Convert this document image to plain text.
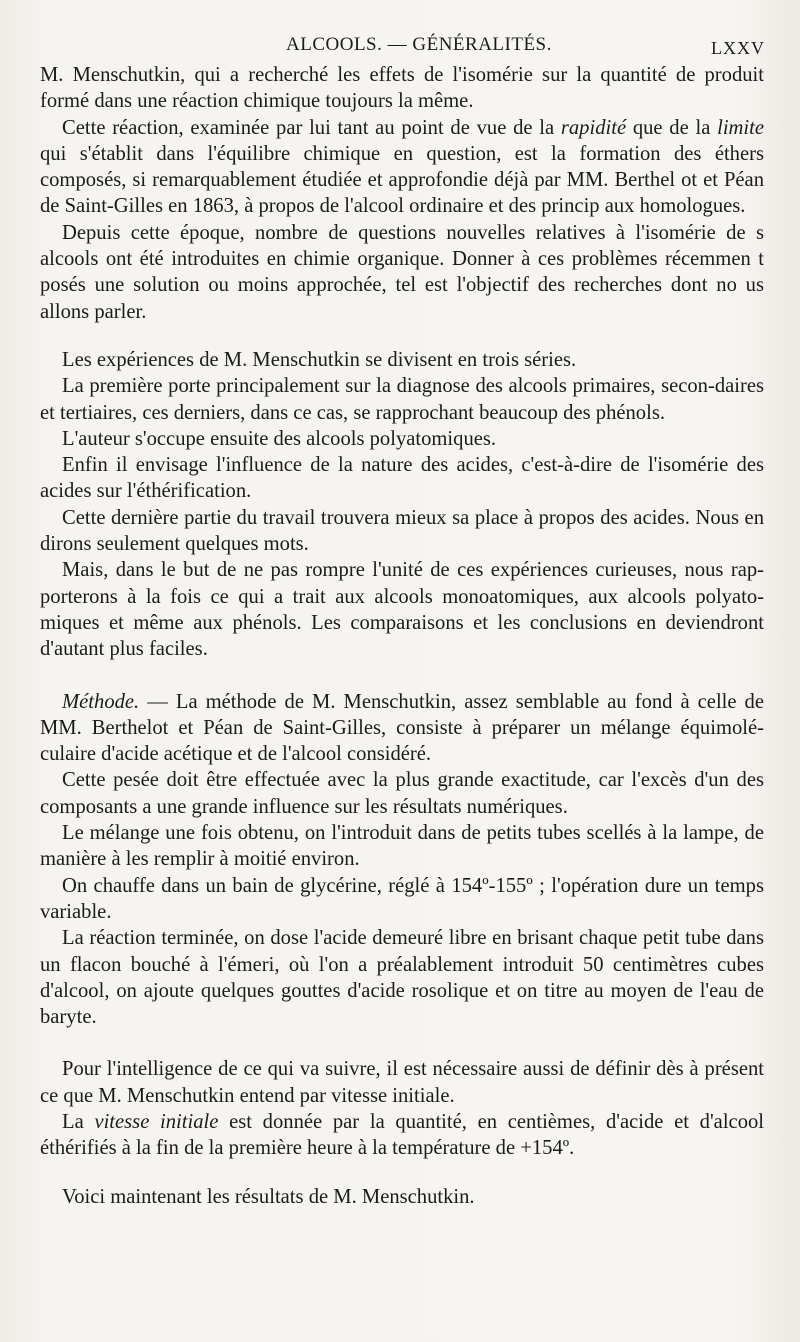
ALCOOLS. — GÉNÉRALITÉS.	LXXV

M. Menschutkin, qui a recherché les effets de l'isomérie sur la quantité de produit formé dans une réaction chimique toujours la même.

Cette réaction, examinée par lui tant au point de vue de la rapidité que de la limite qui s'établit dans l'équilibre chimique en question, est la formation des éthers composés, si remarquablement étudiée et approfondie déjà par MM. Berthel ot et Péan de Saint-Gilles en 1863, à propos de l'alcool ordinaire et des princip aux homologues.

Depuis cette époque, nombre de questions nouvelles relatives à l'isomérie de s alcools ont été introduites en chimie organique. Donner à ces problèmes récemmen t posés une solution ou moins approchée, tel est l'objectif des recherches dont no us allons parler.

Les expériences de M. Menschutkin se divisent en trois séries.

La première porte principalement sur la diagnose des alcools primaires, secon-daires et tertiaires, ces derniers, dans ce cas, se rapprochant beaucoup des phénols.

L'auteur s'occupe ensuite des alcools polyatomiques.

Enfin il envisage l'influence de la nature des acides, c'est-à-dire de l'isomérie des acides sur l'éthérification.

Cette dernière partie du travail trouvera mieux sa place à propos des acides. Nous en dirons seulement quelques mots.

Mais, dans le but de ne pas rompre l'unité de ces expériences curieuses, nous rap-porterons à la fois ce qui a trait aux alcools monoatomiques, aux alcools polyato-miques et même aux phénols. Les comparaisons et les conclusions en deviendront d'autant plus faciles.

Méthode. — La méthode de M. Menschutkin, assez semblable au fond à celle de MM. Berthelot et Péan de Saint-Gilles, consiste à préparer un mélange équimolé-culaire d'acide acétique et de l'alcool considéré.

Cette pesée doit être effectuée avec la plus grande exactitude, car l'excès d'un des composants a une grande influence sur les résultats numériques.

Le mélange une fois obtenu, on l'introduit dans de petits tubes scellés à la lampe, de manière à les remplir à moitié environ.

On chauffe dans un bain de glycérine, réglé à 154º-155º ; l'opération dure un temps variable.

La réaction terminée, on dose l'acide demeuré libre en brisant chaque petit tube dans un flacon bouché à l'émeri, où l'on a préalablement introduit 50 centimètres cubes d'alcool, on ajoute quelques gouttes d'acide rosolique et on titre au moyen de l'eau de baryte.

Pour l'intelligence de ce qui va suivre, il est nécessaire aussi de définir dès à présent ce que M. Menschutkin entend par vitesse initiale.

La vitesse initiale est donnée par la quantité, en centièmes, d'acide et d'alcool éthérifiés à la fin de la première heure à la température de +154º.

Voici maintenant les résultats de M. Menschutkin.
